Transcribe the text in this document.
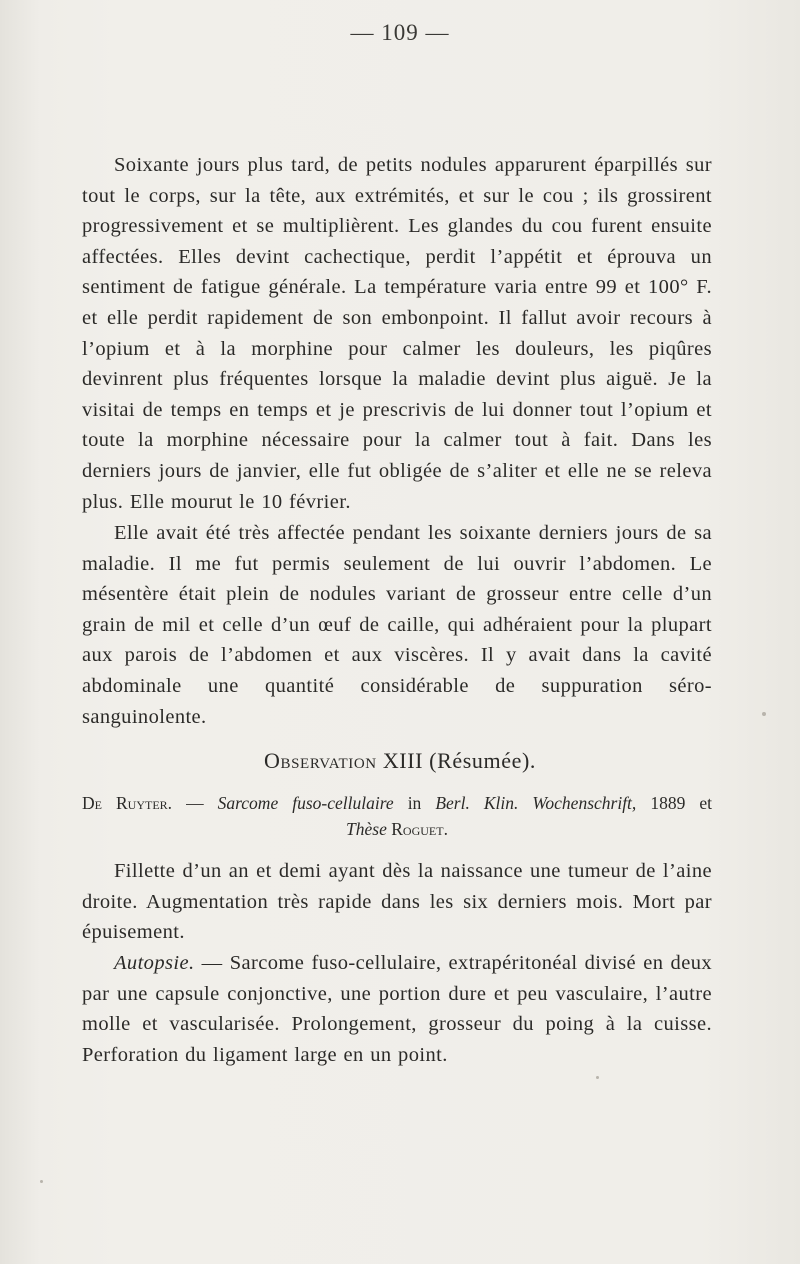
— 109 —

Soixante jours plus tard, de petits nodules apparurent éparpillés sur tout le corps, sur la tête, aux extrémités, et sur le cou ; ils grossirent progressivement et se multiplièrent. Les glandes du cou furent ensuite affectées. Elles devint cachectique, perdit l’appétit et éprouva un sentiment de fatigue générale. La température varia entre 99 et 100° F. et elle perdit rapidement de son embonpoint. Il fallut avoir recours à l’opium et à la morphine pour calmer les douleurs, les piqûres devinrent plus fréquentes lorsque la maladie devint plus aiguë. Je la visitai de temps en temps et je prescrivis de lui donner tout l’opium et toute la morphine nécessaire pour la calmer tout à fait. Dans les derniers jours de janvier, elle fut obligée de s’aliter et elle ne se releva plus. Elle mourut le 10 février.

Elle avait été très affectée pendant les soixante derniers jours de sa maladie. Il me fut permis seulement de lui ouvrir l’abdomen. Le mésentère était plein de nodules variant de grosseur entre celle d’un grain de mil et celle d’un œuf de caille, qui adhéraient pour la plupart aux parois de l’abdomen et aux viscères. Il y avait dans la cavité abdominale une quantité considérable de suppuration séro-sanguinolente.

Observation XIII (Résumée).
De Ruyter. — Sarcome fuso-cellulaire in Berl. Klin. Wochenschrift, 1889 et
Thèse Roguet.

Fillette d’un an et demi ayant dès la naissance une tumeur de l’aine droite. Augmentation très rapide dans les six derniers mois. Mort par épuisement.

Autopsie. — Sarcome fuso-cellulaire, extrapéritonéal divisé en deux par une capsule conjonctive, une portion dure et peu vasculaire, l’autre molle et vascularisée. Prolongement, grosseur du poing à la cuisse. Perforation du ligament large en un point.
